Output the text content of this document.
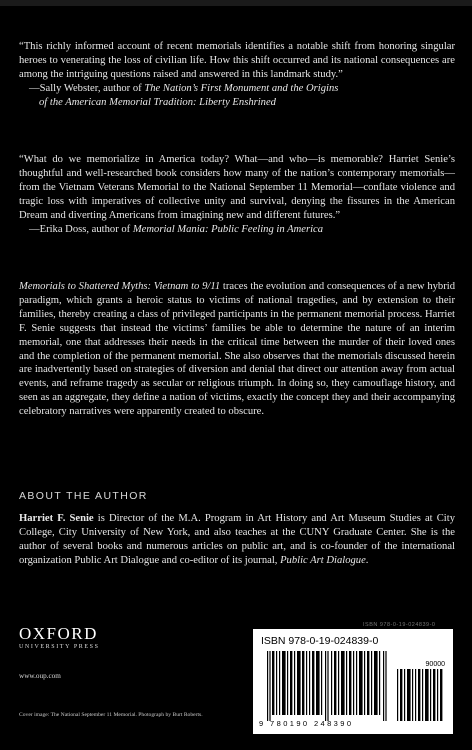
“This richly informed account of recent memorials identifies a notable shift from honoring singular heroes to venerating the loss of civilian life. How this shift occurred and its national consequences are among the intriguing questions raised and answered in this landmark study.”
—Sally Webster, author of The Nation’s First Monument and the Origins
of the American Memorial Tradition: Liberty Enshrined
“What do we memorialize in America today? What—and who—is memorable? Harriet Senie’s thoughtful and well-researched book considers how many of the nation’s contemporary memorials—from the Vietnam Veterans Memorial to the National September 11 Memorial—conflate violence and tragic loss with imperatives of collective unity and survival, denying the fissures in the American Dream and diverting Americans from imagining new and different futures.”
—Erika Doss, author of Memorial Mania: Public Feeling in America
Memorials to Shattered Myths: Vietnam to 9/11 traces the evolution and consequences of a new hybrid paradigm, which grants a heroic status to victims of national tragedies, and by extension to their families, thereby creating a class of privileged participants in the permanent memorial process. Harriet F. Senie suggests that instead the victims’ families be able to determine the nature of an interim memorial, one that addresses their needs in the critical time between the murder of their loved ones and the completion of the permanent memorial. She also observes that the memorials discussed herein are inadvertently based on strategies of diversion and denial that direct our attention away from actual events, and reframe tragedy as secular or religious triumph. In doing so, they camouflage history, and seen as an aggregate, they define a nation of victims, exactly the concept they and their accompanying celebratory narratives were apparently created to obscure.
ABOUT THE AUTHOR
Harriet F. Senie is Director of the M.A. Program in Art History and Art Museum Studies at City College, City University of New York, and also teaches at the CUNY Graduate Center. She is the author of several books and numerous articles on public art, and is co-founder of the international organization Public Art Dialogue and co-editor of its journal, Public Art Dialogue.
OXFORD
UNIVERSITY PRESS
www.oup.com
Cover image: The National September 11 Memorial. Photograph by Burt Roberts.
ISBN 978-0-19-024839-0
ISBN 978-0-19-024839-0
90000
9 780190 248390
